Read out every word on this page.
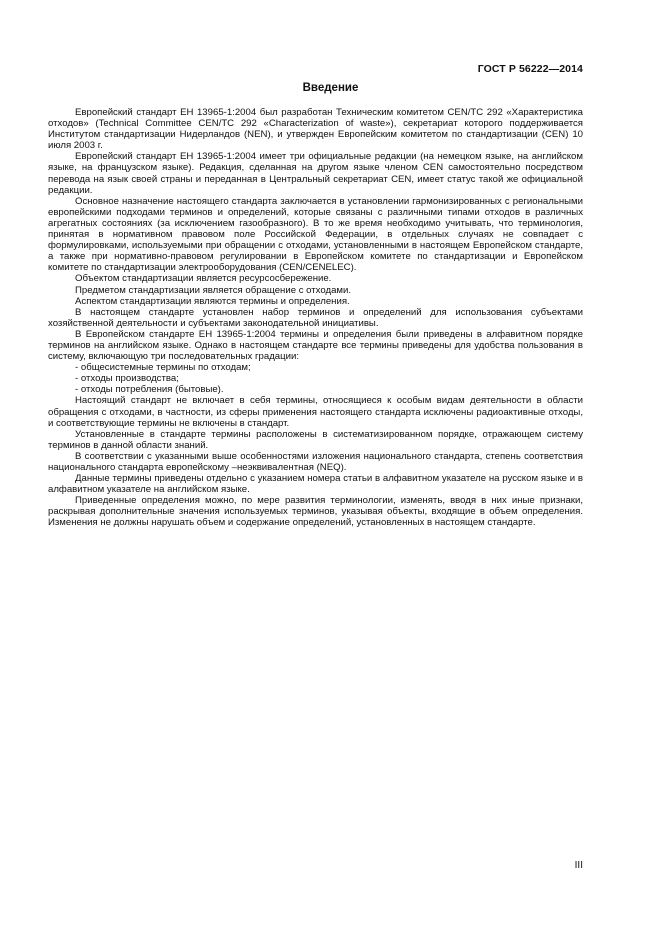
ГОСТ Р 56222—2014
Введение

Европейский стандарт ЕН 13965-1:2004 был разработан Техническим комитетом CEN/TC 292 «Характеристика отходов» (Technical Committee CEN/TC 292 «Characterization of waste»), секретариат которого поддерживается Институтом стандартизации Нидерландов (NEN), и утвержден Европейским комитетом по стандартизации (CEN) 10 июля 2003 г.

Европейский стандарт ЕН 13965-1:2004 имеет три официальные редакции (на немецком языке, на английском языке, на французском языке). Редакция, сделанная на другом языке членом CEN самостоятельно посредством перевода на язык своей страны и переданная в Центральный секретариат CEN, имеет статус такой же официальной редакции.

Основное назначение настоящего стандарта заключается в установлении гармонизированных с региональными европейскими подходами терминов и определений, которые связаны с различными типами отходов в различных агрегатных состояниях (за исключением газообразного). В то же время необходимо учитывать, что терминология, принятая в нормативном правовом поле Российской Федерации, в отдельных случаях не совпадает с формулировками, используемыми при обращении с отходами, установленными в настоящем Европейском стандарте, а также при нормативно-правовом регулировании в Европейском комитете по стандартизации и Европейском комитете по стандартизации электрооборудования (CEN/CENELEC).

Объектом стандартизации является ресурсосбережение.

Предметом стандартизации является обращение с отходами.

Аспектом стандартизации являются термины и определения.

В настоящем стандарте установлен набор терминов и определений для использования субъектами хозяйственной деятельности и субъектами законодательной инициативы.

В Европейском стандарте ЕН 13965-1:2004 термины и определения были приведены в алфавитном порядке терминов на английском языке. Однако в настоящем стандарте все термины приведены для удобства пользования в систему, включающую три последовательных градации:

- общесистемные термины по отходам;

- отходы производства;

- отходы потребления (бытовые).

Настоящий стандарт не включает в себя термины, относящиеся к особым видам деятельности в области обращения с отходами, в частности, из сферы применения настоящего стандарта исключены радиоактивные отходы, и соответствующие термины не включены в стандарт.

Установленные в стандарте термины расположены в систематизированном порядке, отражающем систему терминов в данной области знаний.

В соответствии с указанными выше особенностями изложения национального стандарта, степень соответствия национального стандарта европейскому –неэквивалентная (NEQ).

Данные термины приведены отдельно с указанием номера статьи в алфавитном указателе на русском языке и в алфавитном указателе на английском языке.

Приведенные определения можно, по мере развития терминологии, изменять, вводя в них иные признаки, раскрывая дополнительные значения используемых терминов, указывая объекты, входящие в объем определения. Изменения не должны нарушать объем и содержание определений, установленных в настоящем стандарте.

III
